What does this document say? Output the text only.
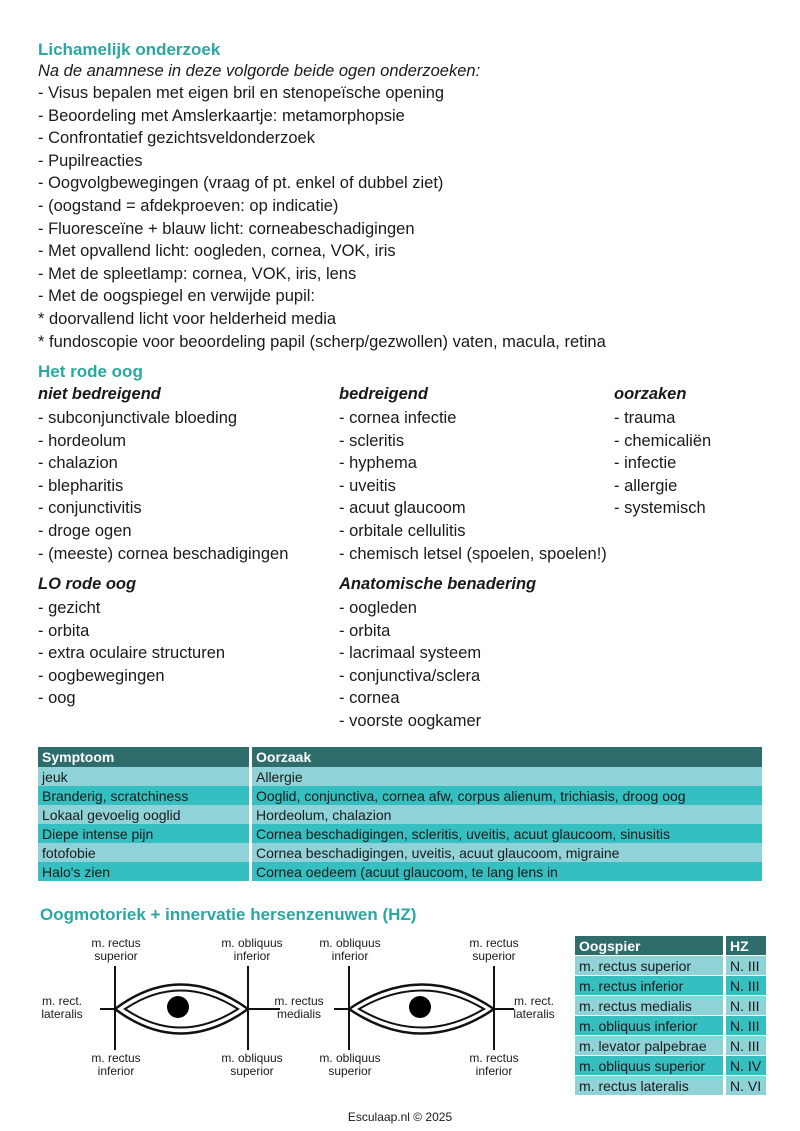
Lichamelijk onderzoek
Na de anamnese in deze volgorde beide ogen onderzoeken:
- Visus bepalen met eigen bril en stenopeïsche opening
- Beoordeling met Amslerkaartje: metamorphopsie
- Confrontatief gezichtsveldonderzoek
- Pupilreacties
- Oogvolgbewegingen (vraag of pt. enkel of dubbel ziet)
- (oogstand = afdekproeven: op indicatie)
- Fluoresceïne + blauw licht: corneabeschadigingen
- Met opvallend licht: oogleden, cornea, VOK, iris
- Met de spleetlamp: cornea, VOK, iris, lens
- Met de oogspiegel en verwijde pupil:
* doorvallend licht voor helderheid media
* fundoscopie voor beoordeling papil (scherp/gezwollen) vaten, macula, retina
Het rode oog
niet bedreigend
- subconjunctivale bloeding
- hordeolum
- chalazion
- blepharitis
- conjunctivitis
- droge ogen
- (meeste) cornea beschadigingen
bedreigend
- cornea infectie
- scleritis
- hyphema
- uveitis
- acuut glaucoom
- orbitale cellulitis
- chemisch letsel (spoelen, spoelen!)
oorzaken
- trauma
- chemicaliën
- infectie
- allergie
- systemisch
LO rode oog
- gezicht
- orbita
- extra oculaire structuren
- oogbewegingen
- oog
Anatomische benadering
- oogleden
- orbita
- lacrimaal systeem
- conjunctiva/sclera
- cornea
- voorste oogkamer
Symptoom	Oorzaak
jeuk	Allergie
Branderig, scratchiness	Ooglid, conjunctiva, cornea afw, corpus alienum, trichiasis, droog oog
Lokaal gevoelig ooglid	Hordeolum, chalazion
Diepe intense pijn	Cornea beschadigingen, scleritis, uveitis, acuut glaucoom, sinusitis
fotofobie	Cornea beschadigingen, uveitis, acuut glaucoom, migraine
Halo's zien	Cornea oedeem (acuut glaucoom, te lang lens in
Oogmotoriek + innervatie hersenzenuwen (HZ)
m. rectus superior
m. obliquus inferior
m. rect. lateralis
m. rectus medialis
m. rectus inferior
m. obliquus superior
m. obliquus inferior
m. rectus superior
m. rect. lateralis
m. obliquus superior
m. rectus inferior
Oogspier	HZ
m. rectus superior	N. III
m. rectus inferior	N. III
m. rectus medialis	N. III
m. obliquus inferior	N. III
m. levator palpebrae	N. III
m. obliquus superior	N. IV
m. rectus lateralis	N. VI
Esculaap.nl © 2025
